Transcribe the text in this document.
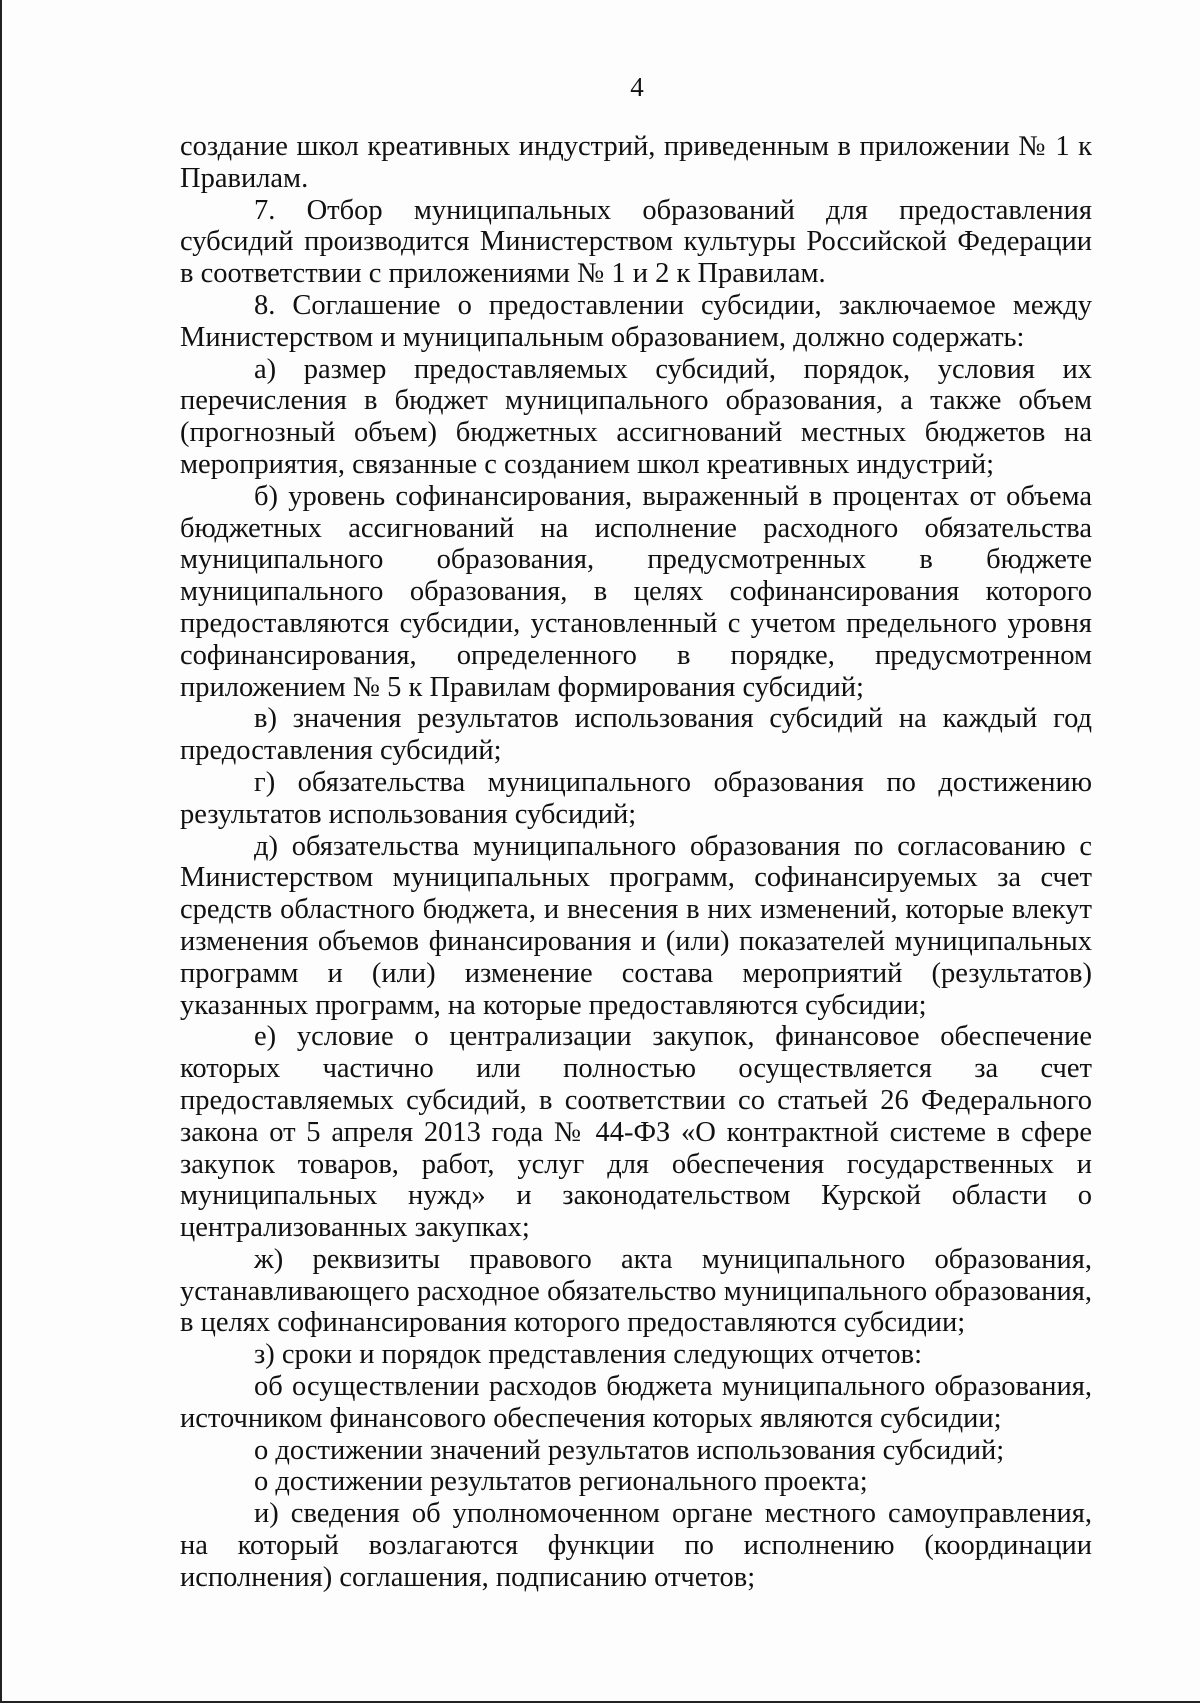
4

создание школ креативных индустрий, приведенным в приложении № 1 к Правилам.

7. Отбор муниципальных образований для предоставления субсидий производится Министерством культуры Российской Федерации в соответствии с приложениями № 1 и 2 к Правилам.

8. Соглашение о предоставлении субсидии, заключаемое между Министерством и муниципальным образованием, должно содержать:

а) размер предоставляемых субсидий, порядок, условия их перечисления в бюджет муниципального образования, а также объем (прогнозный объем) бюджетных ассигнований местных бюджетов на мероприятия, связанные с созданием школ креативных индустрий;

б) уровень софинансирования, выраженный в процентах от объема бюджетных ассигнований на исполнение расходного обязательства муниципального образования, предусмотренных в бюджете муниципального образования, в целях софинансирования которого предоставляются субсидии, установленный с учетом предельного уровня софинансирования, определенного в порядке, предусмотренном приложением № 5 к Правилам формирования субсидий;

в) значения результатов использования субсидий на каждый год предоставления субсидий;

г) обязательства муниципального образования по достижению результатов использования субсидий;

д) обязательства муниципального образования по согласованию с Министерством муниципальных программ, софинансируемых за счет средств областного бюджета, и внесения в них изменений, которые влекут изменения объемов финансирования и (или) показателей муниципальных программ и (или) изменение состава мероприятий (результатов) указанных программ, на которые предоставляются субсидии;

е) условие о централизации закупок, финансовое обеспечение которых частично или полностью осуществляется за счет предоставляемых субсидий, в соответствии со статьей 26 Федерального закона от 5 апреля 2013 года № 44-ФЗ «О контрактной системе в сфере закупок товаров, работ, услуг для обеспечения государственных и муниципальных нужд» и законодательством Курской области о централизованных закупках;

ж) реквизиты правового акта муниципального образования, устанавливающего расходное обязательство муниципального образования, в целях софинансирования которого предоставляются субсидии;

з) сроки и порядок представления следующих отчетов:

об осуществлении расходов бюджета муниципального образования, источником финансового обеспечения которых являются субсидии;

о достижении значений результатов использования субсидий;

о достижении результатов регионального проекта;

и) сведения об уполномоченном органе местного самоуправления, на который возлагаются функции по исполнению (координации исполнения) соглашения, подписанию отчетов;
